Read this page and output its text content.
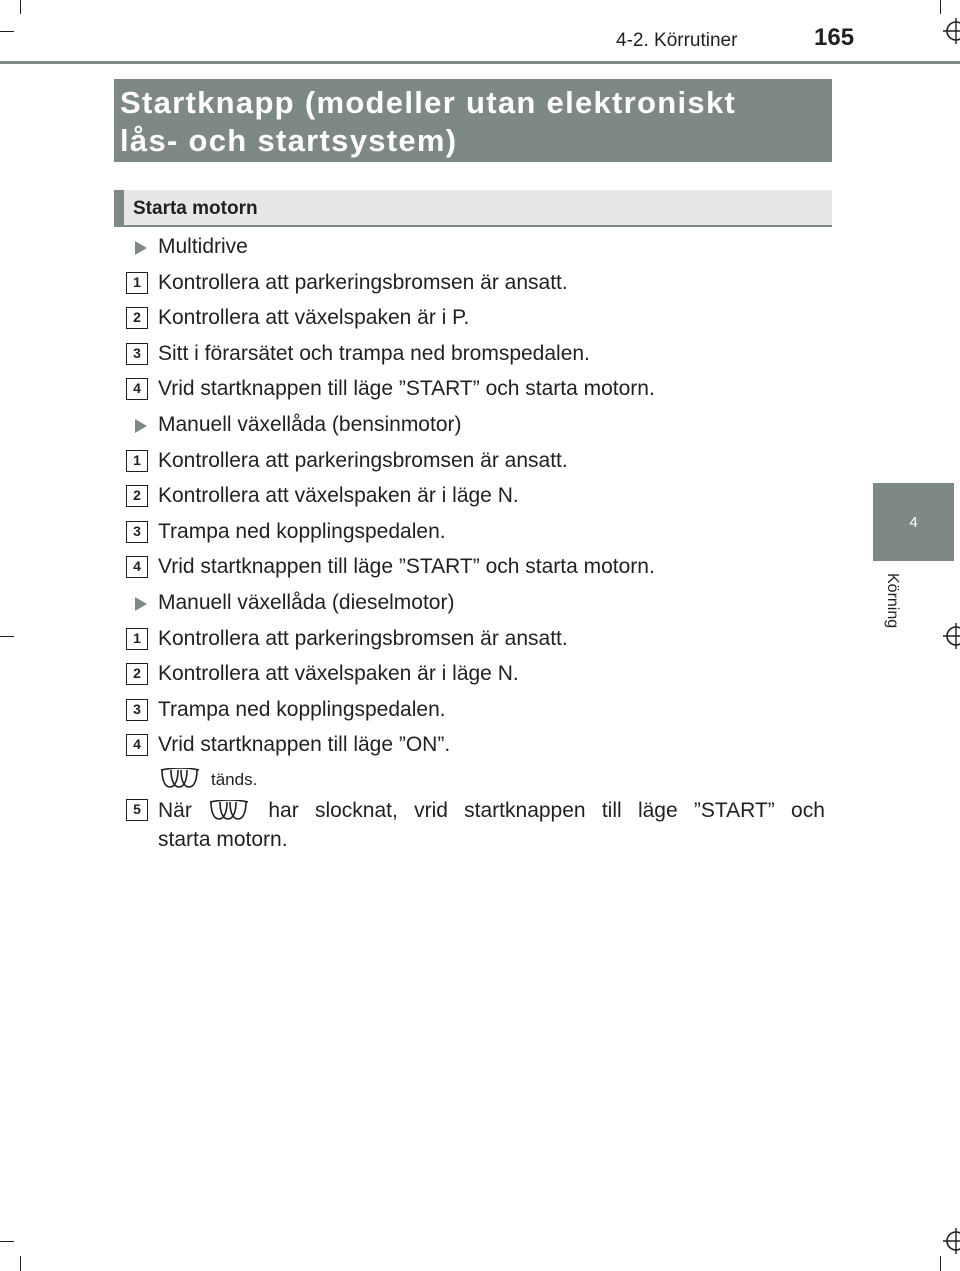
4-2. Körrutiner	165
4
Körning
Startknapp (modeller utan elektroniskt
lås- och startsystem)
Starta motorn
Multidrive
1 Kontrollera att parkeringsbromsen är ansatt.
2 Kontrollera att växelspaken är i P.
3 Sitt i förarsätet och trampa ned bromspedalen.
4 Vrid startknappen till läge ”START” och starta motorn.
Manuell växellåda (bensinmotor)
1 Kontrollera att parkeringsbromsen är ansatt.
2 Kontrollera att växelspaken är i läge N.
3 Trampa ned kopplingspedalen.
4 Vrid startknappen till läge ”START” och starta motorn.
Manuell växellåda (dieselmotor)
1 Kontrollera att parkeringsbromsen är ansatt.
2 Kontrollera att växelspaken är i läge N.
3 Trampa ned kopplingspedalen.
4 Vrid startknappen till läge ”ON”.
tänds.
5 När	har slocknat, vrid startknappen till läge ”START” och
starta motorn.
